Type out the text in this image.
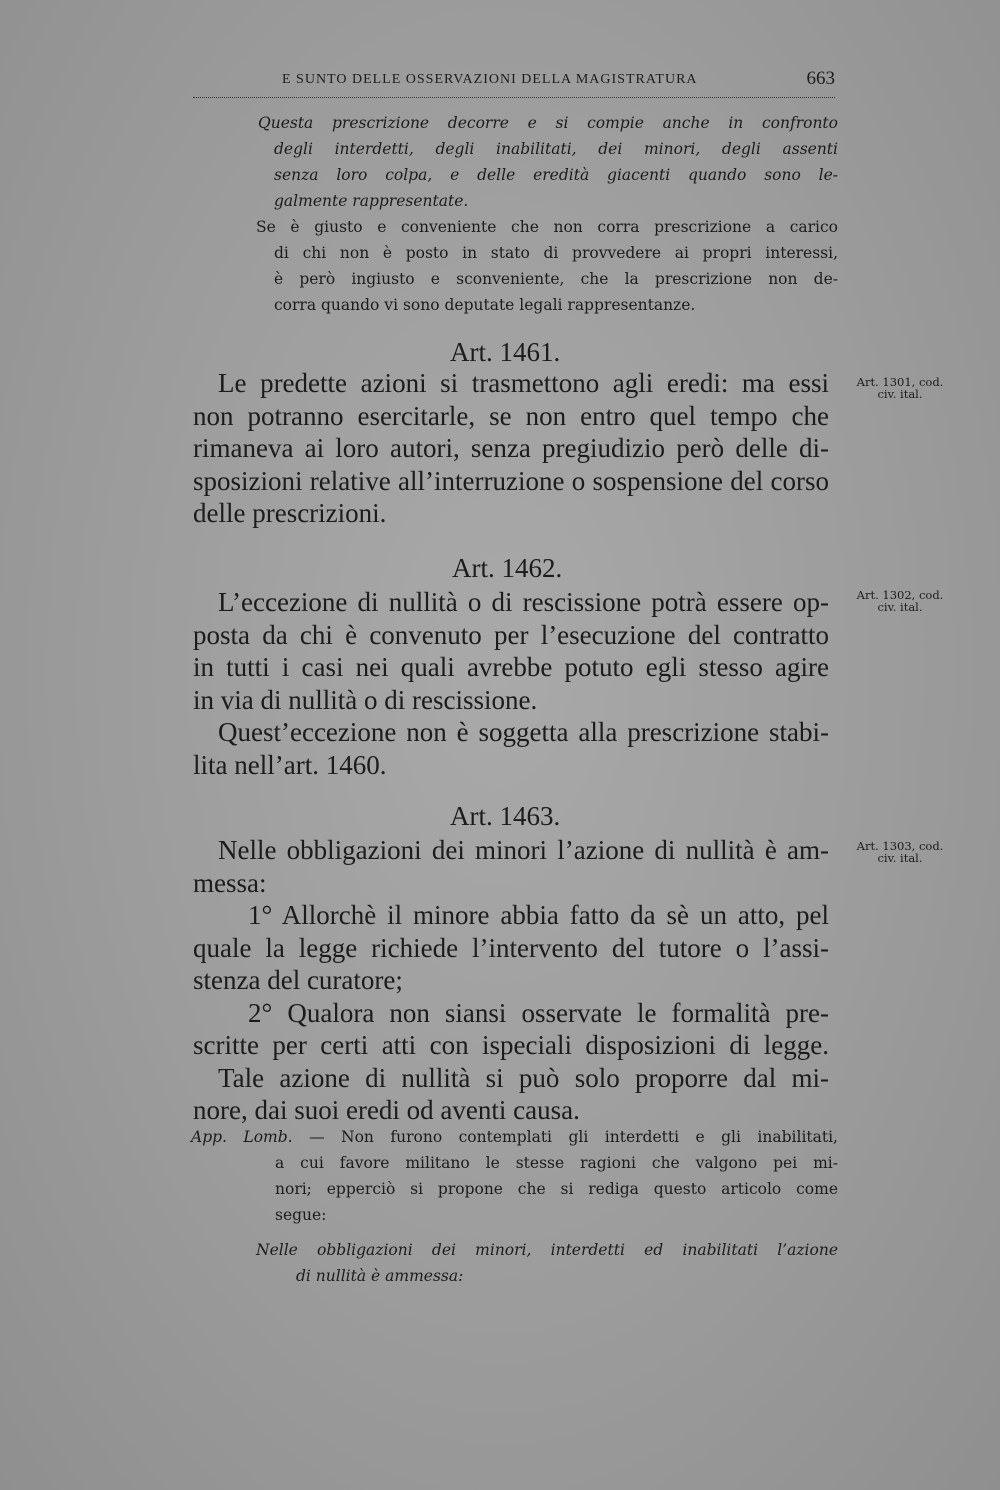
E SUNTO DELLE OSSERVAZIONI DELLA MAGISTRATURA	663
Questa prescrizione decorre e si compie anche in confronto
degli interdetti, degli inabilitati, dei minori, degli assenti
senza loro colpa, e delle eredità giacenti quando sono le-
galmente rappresentate.
Se è giusto e conveniente che non corra prescrizione a carico
di chi non è posto in stato di provvedere ai propri interessi,
è però ingiusto e sconveniente, che la prescrizione non de-
corra quando vi sono deputate legali rappresentanze.
Art. 1461.
Art. 1301, cod.
civ. ital.
Le predette azioni si trasmettono agli eredi: ma essi
non potranno esercitarle, se non entro quel tempo che
rimaneva ai loro autori, senza pregiudizio però delle di-
sposizioni relative all’interruzione o sospensione del corso
delle prescrizioni.
Art. 1462.
Art. 1302, cod.
civ. ital.
L’eccezione di nullità o di rescissione potrà essere op-
posta da chi è convenuto per l’esecuzione del contratto
in tutti i casi nei quali avrebbe potuto egli stesso agire
in via di nullità o di rescissione.
Quest’eccezione non è soggetta alla prescrizione stabi-
lita nell’art. 1460.
Art. 1463.
Art. 1303, cod.
civ. ital.
Nelle obbligazioni dei minori l’azione di nullità è am-
messa:
1° Allorchè il minore abbia fatto da sè un atto, pel
quale la legge richiede l’intervento del tutore o l’assi-
stenza del curatore;
2° Qualora non siansi osservate le formalità pre-
scritte per certi atti con ispeciali disposizioni di legge.
Tale azione di nullità si può solo proporre dal mi-
nore, dai suoi eredi od aventi causa.
App. Lomb. — Non furono contemplati gli interdetti e gli inabilitati,
a cui favore militano le stesse ragioni che valgono pei mi-
nori; epperciò si propone che si rediga questo articolo come
segue:
Nelle obbligazioni dei minori, interdetti ed inabilitati l’azione
di nullità è ammessa:
